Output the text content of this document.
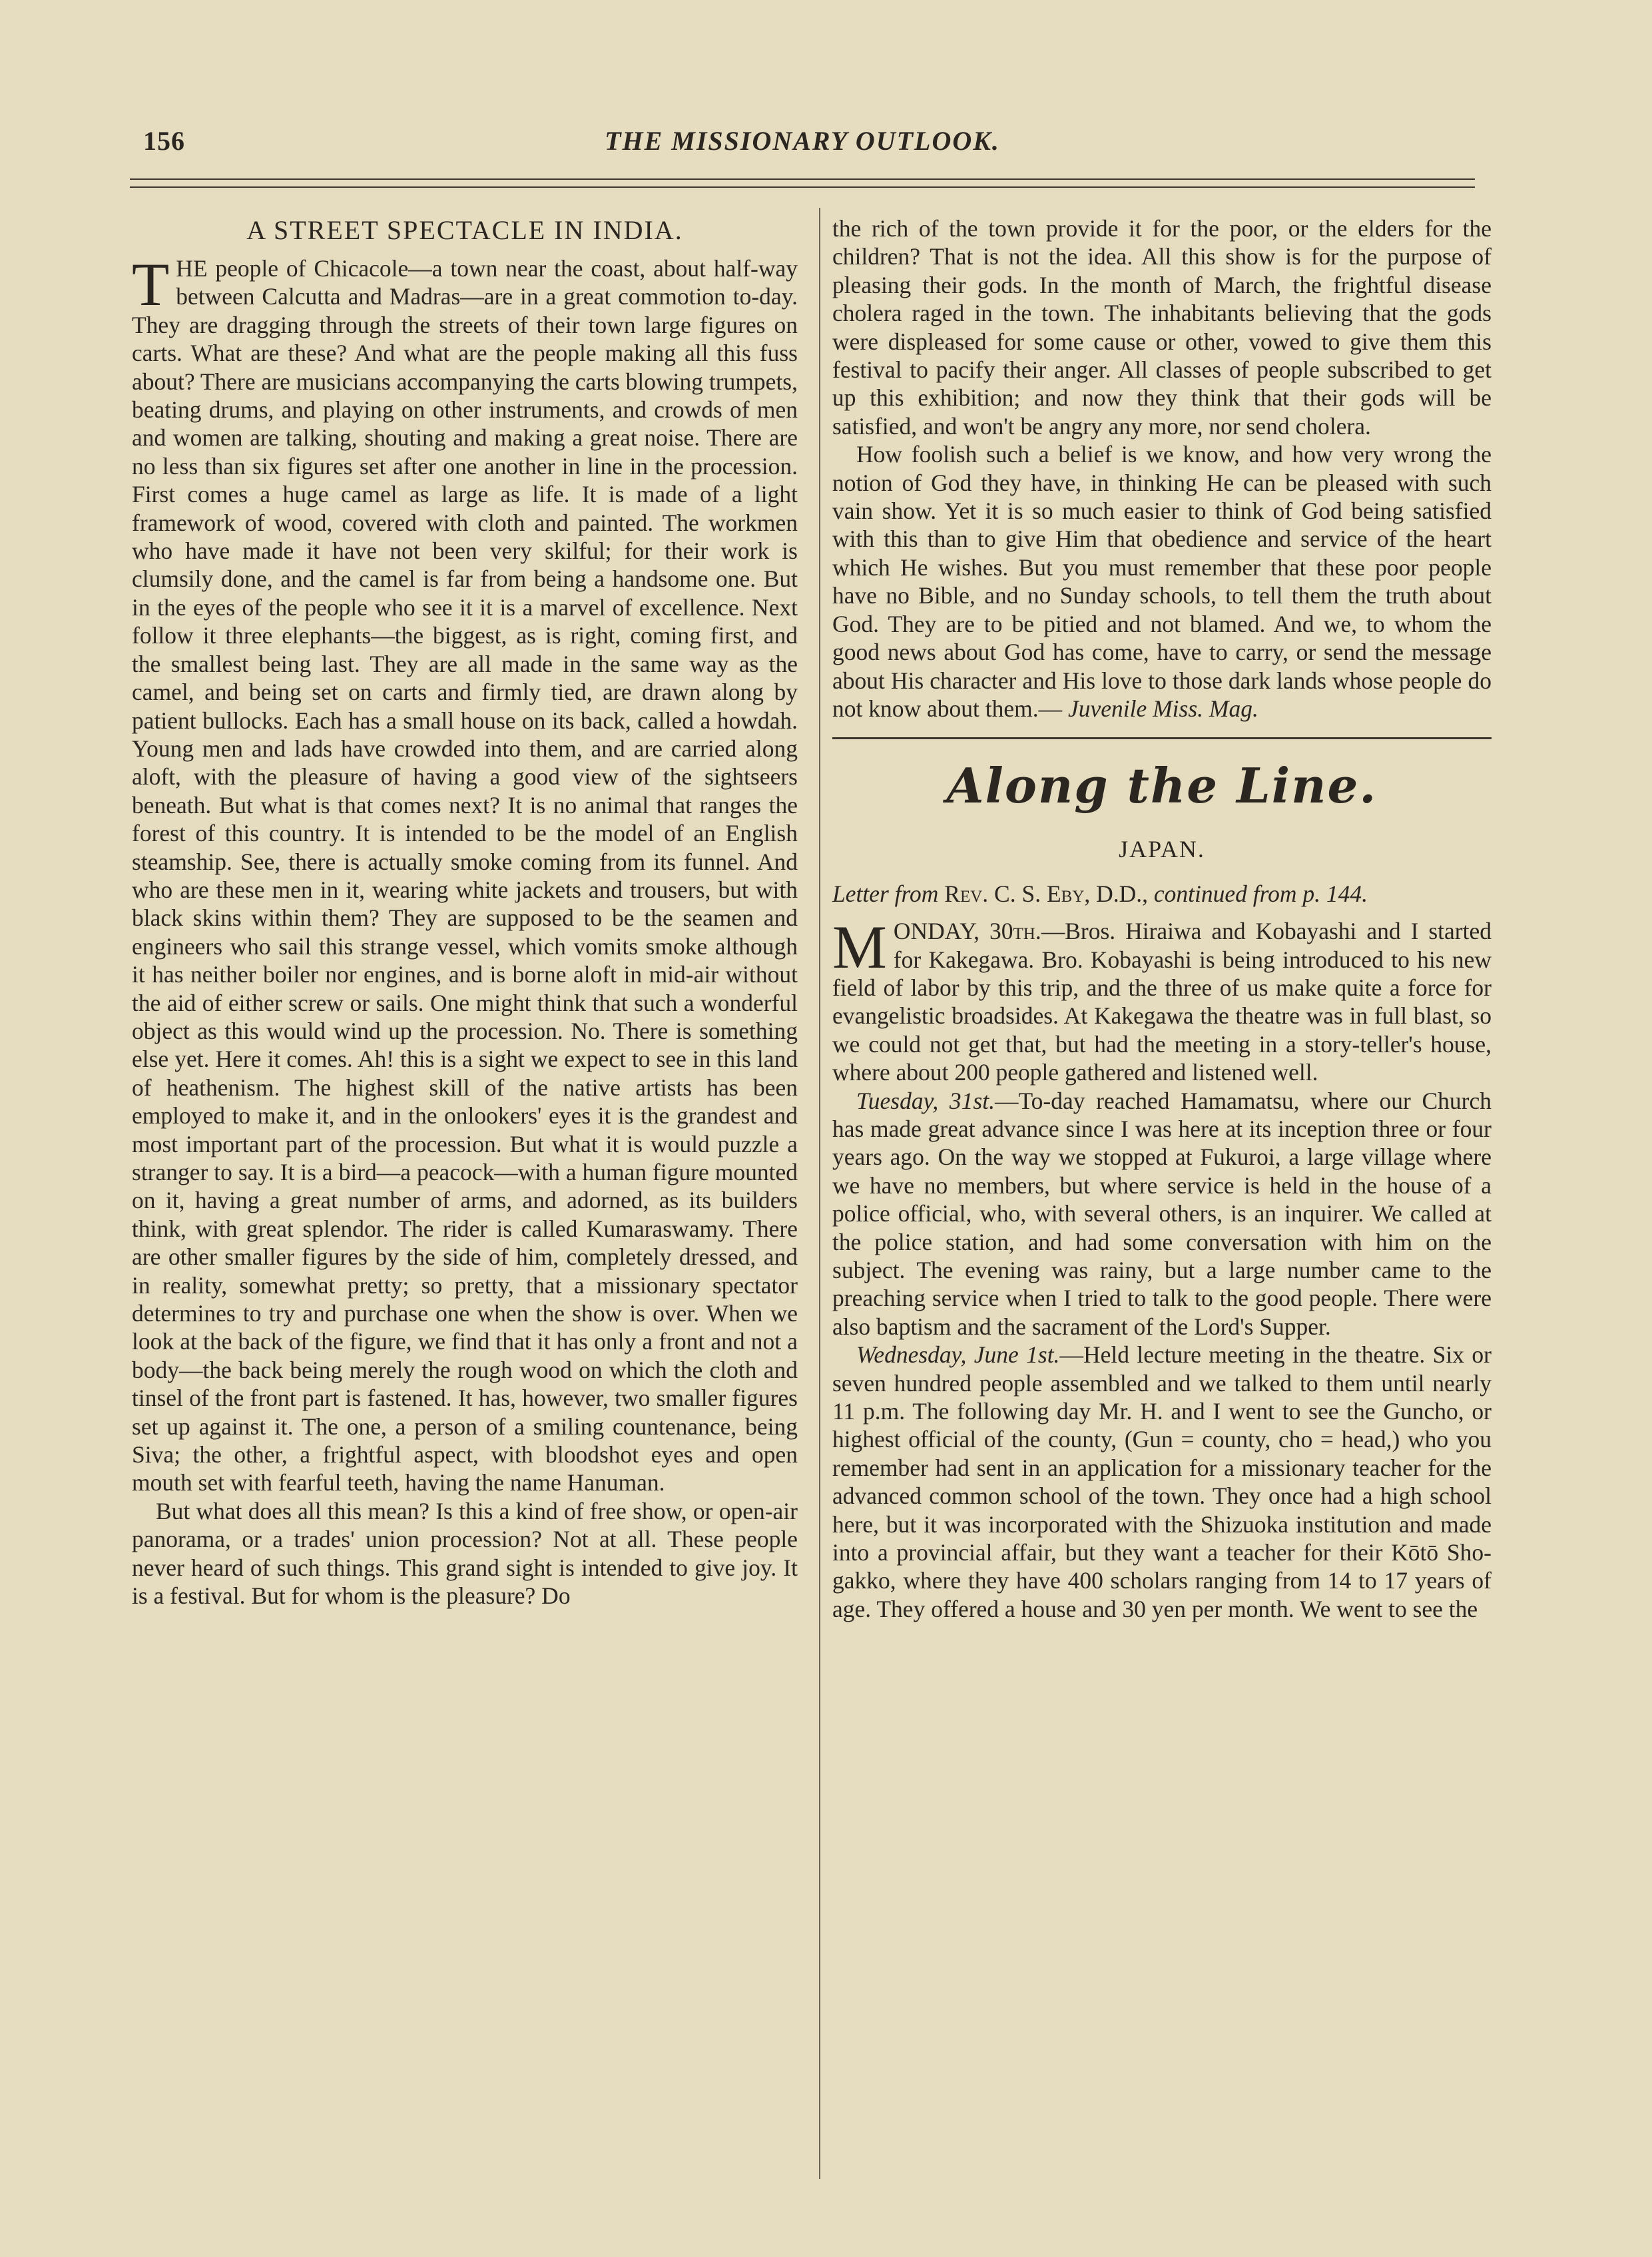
156	THE MISSIONARY OUTLOOK.
A STREET SPECTACLE IN INDIA.

THE people of Chicacole—a town near the coast, about half-way between Calcutta and Madras—are in a great commotion to-day. They are dragging through the streets of their town large figures on carts. What are these? And what are the people making all this fuss about? There are musicians accompanying the carts blowing trumpets, beating drums, and playing on other instruments, and crowds of men and women are talking, shouting and making a great noise. There are no less than six figures set after one another in line in the procession. First comes a huge camel as large as life. It is made of a light framework of wood, covered with cloth and painted. The workmen who have made it have not been very skilful; for their work is clumsily done, and the camel is far from being a handsome one. But in the eyes of the people who see it it is a marvel of excellence. Next follow it three elephants—the biggest, as is right, coming first, and the smallest being last. They are all made in the same way as the camel, and being set on carts and firmly tied, are drawn along by patient bullocks. Each has a small house on its back, called a howdah. Young men and lads have crowded into them, and are carried along aloft, with the pleasure of having a good view of the sightseers beneath. But what is that comes next? It is no animal that ranges the forest of this country. It is intended to be the model of an English steamship. See, there is actually smoke coming from its funnel. And who are these men in it, wearing white jackets and trousers, but with black skins within them? They are supposed to be the seamen and engineers who sail this strange vessel, which vomits smoke although it has neither boiler nor engines, and is borne aloft in mid-air without the aid of either screw or sails. One might think that such a wonderful object as this would wind up the procession. No. There is something else yet. Here it comes. Ah! this is a sight we expect to see in this land of heathenism. The highest skill of the native artists has been employed to make it, and in the onlookers' eyes it is the grandest and most important part of the procession. But what it is would puzzle a stranger to say. It is a bird—a peacock—with a human figure mounted on it, having a great number of arms, and adorned, as its builders think, with great splendor. The rider is called Kumaraswamy. There are other smaller figures by the side of him, completely dressed, and in reality, somewhat pretty; so pretty, that a missionary spectator determines to try and purchase one when the show is over. When we look at the back of the figure, we find that it has only a front and not a body—the back being merely the rough wood on which the cloth and tinsel of the front part is fastened. It has, however, two smaller figures set up against it. The one, a person of a smiling countenance, being Siva; the other, a frightful aspect, with bloodshot eyes and open mouth set with fearful teeth, having the name Hanuman.

But what does all this mean? Is this a kind of free show, or open-air panorama, or a trades' union procession? Not at all. These people never heard of such things. This grand sight is intended to give joy. It is a festival. But for whom is the pleasure? Do

the rich of the town provide it for the poor, or the elders for the children? That is not the idea. All this show is for the purpose of pleasing their gods. In the month of March, the frightful disease cholera raged in the town. The inhabitants believing that the gods were displeased for some cause or other, vowed to give them this festival to pacify their anger. All classes of people subscribed to get up this exhibition; and now they think that their gods will be satisfied, and won't be angry any more, nor send cholera.

How foolish such a belief is we know, and how very wrong the notion of God they have, in thinking He can be pleased with such vain show. Yet it is so much easier to think of God being satisfied with this than to give Him that obedience and service of the heart which He wishes. But you must remember that these poor people have no Bible, and no Sunday schools, to tell them the truth about God. They are to be pitied and not blamed. And we, to whom the good news about God has come, have to carry, or send the message about His character and His love to those dark lands whose people do not know about them.— Juvenile Miss. Mag.

Along the Line.
JAPAN.

Letter from Rev. C. S. Eby, D.D., continued from p. 144.

MONDAY, 30th.—Bros. Hiraiwa and Kobayashi and I started for Kakegawa. Bro. Kobayashi is being introduced to his new field of labor by this trip, and the three of us make quite a force for evangelistic broadsides. At Kakegawa the theatre was in full blast, so we could not get that, but had the meeting in a story-teller's house, where about 200 people gathered and listened well.

Tuesday, 31st.—To-day reached Hamamatsu, where our Church has made great advance since I was here at its inception three or four years ago. On the way we stopped at Fukuroi, a large village where we have no members, but where service is held in the house of a police official, who, with several others, is an inquirer. We called at the police station, and had some conversation with him on the subject. The evening was rainy, but a large number came to the preaching service when I tried to talk to the good people. There were also baptism and the sacrament of the Lord's Supper.

Wednesday, June 1st.—Held lecture meeting in the theatre. Six or seven hundred people assembled and we talked to them until nearly 11 p.m. The following day Mr. H. and I went to see the Guncho, or highest official of the county, (Gun = county, cho = head,) who you remember had sent in an application for a missionary teacher for the advanced common school of the town. They once had a high school here, but it was incorporated with the Shizuoka institution and made into a provincial affair, but they want a teacher for their Kōtō Sho-gakko, where they have 400 scholars ranging from 14 to 17 years of age. They offered a house and 30 yen per month. We went to see the
